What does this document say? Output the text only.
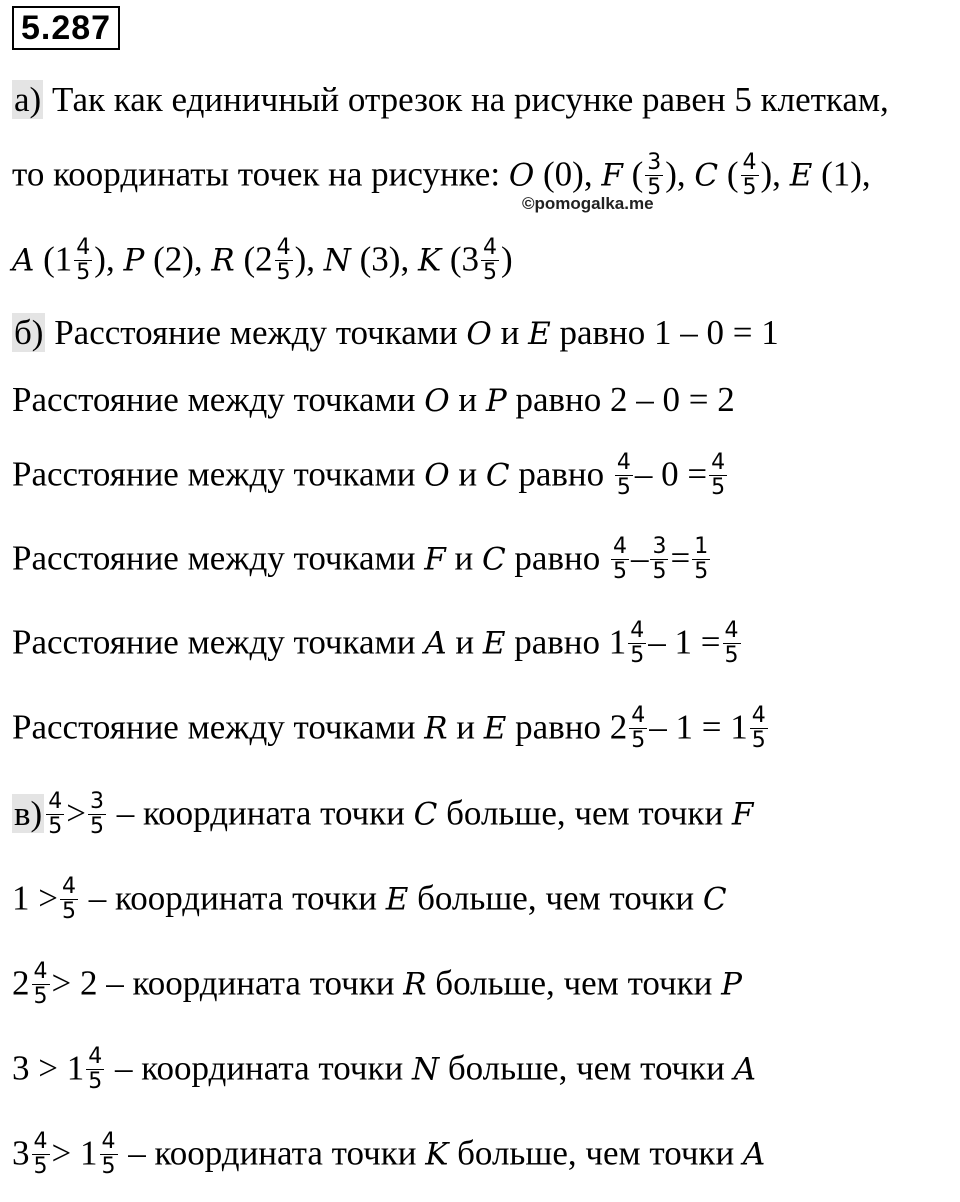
5.287
а) Так как единичный отрезок на рисунке равен 5 клеткам,
то координаты точек на рисунке: O (0), F ( $\frac{3}{5}$ ), C ( $\frac{4}{5}$ ), E (1),
©pomogalka.me
A ($1 \frac{4}{5}$ ), P (2), R ($2 \frac{4}{5}$ ), N (3), K ($3 \frac{4}{5}$ )
б) Расстояние между точками O и E равно 1 – 0 = 1
Расстояние между точками O и P равно 2 – 0 = 2
Расстояние между точками O и C равно $\frac{4}{5} - 0 = \frac{4}{5}$
Расстояние между точками F и C равно $\frac{4}{5} - \frac{3}{5} = \frac{1}{5}$
Расстояние между точками A и E равно $1 \frac{4}{5} - 1 = \frac{4}{5}$
Расстояние между точками R и E равно $2 \frac{4}{5} - 1 = 1 \frac{4}{5}$
$в) \frac{4}{5} > \frac{3}{5}$ – координата точки C больше, чем точки F
$1 > \frac{4}{5}$ – координата точки E больше, чем точки C
$2 \frac{4}{5} > 2$ – координата точки R больше, чем точки P
$3 > 1 \frac{4}{5}$ – координата точки N больше, чем точки A
$3 \frac{4}{5} > 1 \frac{4}{5}$ – координата точки K больше, чем точки A
